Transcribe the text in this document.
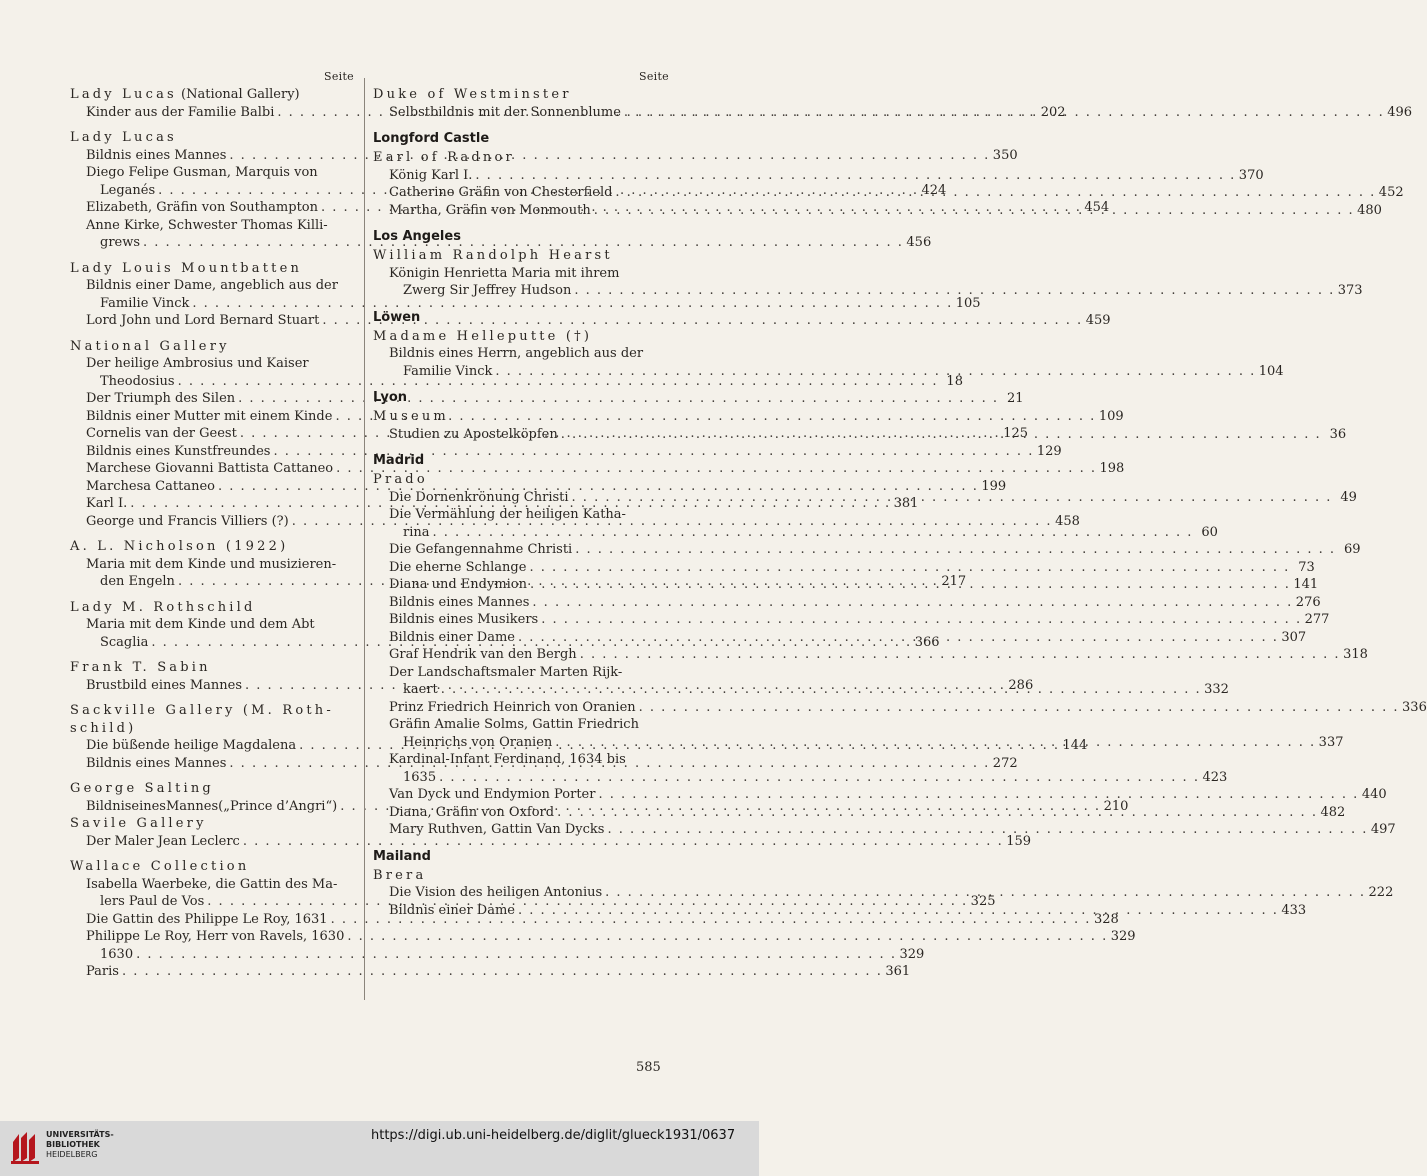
Seite
Lady Lucas (National Gallery)
Kinder aus der Familie Balbi . . .	202
Lady Lucas
Bildnis eines Mannes . . .	350
Diego Felipe Gusman, Marquis von
Leganés . . .	424
Elizabeth, Gräfin von Southampton . . .	454
Anne Kirke, Schwester Thomas Killi-
grews . . .	456
Lady Louis Mountbatten
Bildnis einer Dame, angeblich aus der
Familie Vinck . . .	105
Lord John und Lord Bernard Stuart . . .	459
National Gallery
Der heilige Ambrosius und Kaiser
Theodosius . . .	18
Der Triumph des Silen . . .	21
Bildnis einer Mutter mit einem Kinde . . .	109
Cornelis van der Geest . . .	125
Bildnis eines Kunstfreundes . . .	129
Marchese Giovanni Battista Cattaneo . . .	198
Marchesa Cattaneo . . .	199
Karl I. . . .	381
George und Francis Villiers (?) . . .	458
A. L. Nicholson (1922)
Maria mit dem Kinde und musizieren-
den Engeln . . .	217
Lady M. Rothschild
Maria mit dem Kinde und dem Abt
Scaglia . . .	366
Frank T. Sabin
Brustbild eines Mannes . . .	286
Sackville Gallery (M. Roth-
schild)
Die büßende heilige Magdalena . . .	144
Bildnis eines Mannes . . .	272
George Salting
BildniseinesMannes(„Prince d’Angri“) . . .	210
Savile Gallery
Der Maler Jean Leclerc . . .	159
Wallace Collection
Isabella Waerbeke, die Gattin des Ma-
lers Paul de Vos . . .	325
Die Gattin des Philippe Le Roy, 1631 . . .	328
Philippe Le Roy, Herr von Ravels, 1630 . . .	329
1630 . . .	329
Paris . . .	361
Seite
Duke of Westminster
Selbstbildnis mit der Sonnenblume . . .	496
Longford Castle
Earl of Radnor
König Karl I. . . .	370
Catherine Gräfin von Chesterfield . . .	452
Martha, Gräfin von Monmouth . . .	480
Los Angeles
William Randolph Hearst
Königin Henrietta Maria mit ihrem
Zwerg Sir Jeffrey Hudson . . .	373
Löwen
Madame Helleputte (†)
Bildnis eines Herrn, angeblich aus der
Familie Vinck . . .	104
Lyon
Museum
Studien zu Apostelköpfen . . .	36
Madrid
Prado
Die Dornenkrönung Christi . . .	49
Die Vermählung der heiligen Katha-
rina . . .	60
Die Gefangennahme Christi . . .	69
Die eherne Schlange . . .	73
Diana und Endymion . . .	141
Bildnis eines Mannes . . .	276
Bildnis eines Musikers . . .	277
Bildnis einer Dame . . .	307
Graf Hendrik van den Bergh . . .	318
Der Landschaftsmaler Marten Rijk-
kaert . . .	332
Prinz Friedrich Heinrich von Oranien . . .	336
Gräfin Amalie Solms, Gattin Friedrich
Heinrichs von Oranien . . .	337
Kardinal-Infant Ferdinand, 1634 bis
1635 . . .	423
Van Dyck und Endymion Porter . . .	440
Diana, Gräfin von Oxford . . .	482
Mary Ruthven, Gattin Van Dycks . . .	497
Mailand
Brera
Die Vision des heiligen Antonius . . .	222
Bildnis einer Dame . . .	433
585
UNIVERSITÄTS-
BIBLIOTHEK
HEIDELBERG
https://digi.ub.uni-heidelberg.de/diglit/glueck1931/0637
